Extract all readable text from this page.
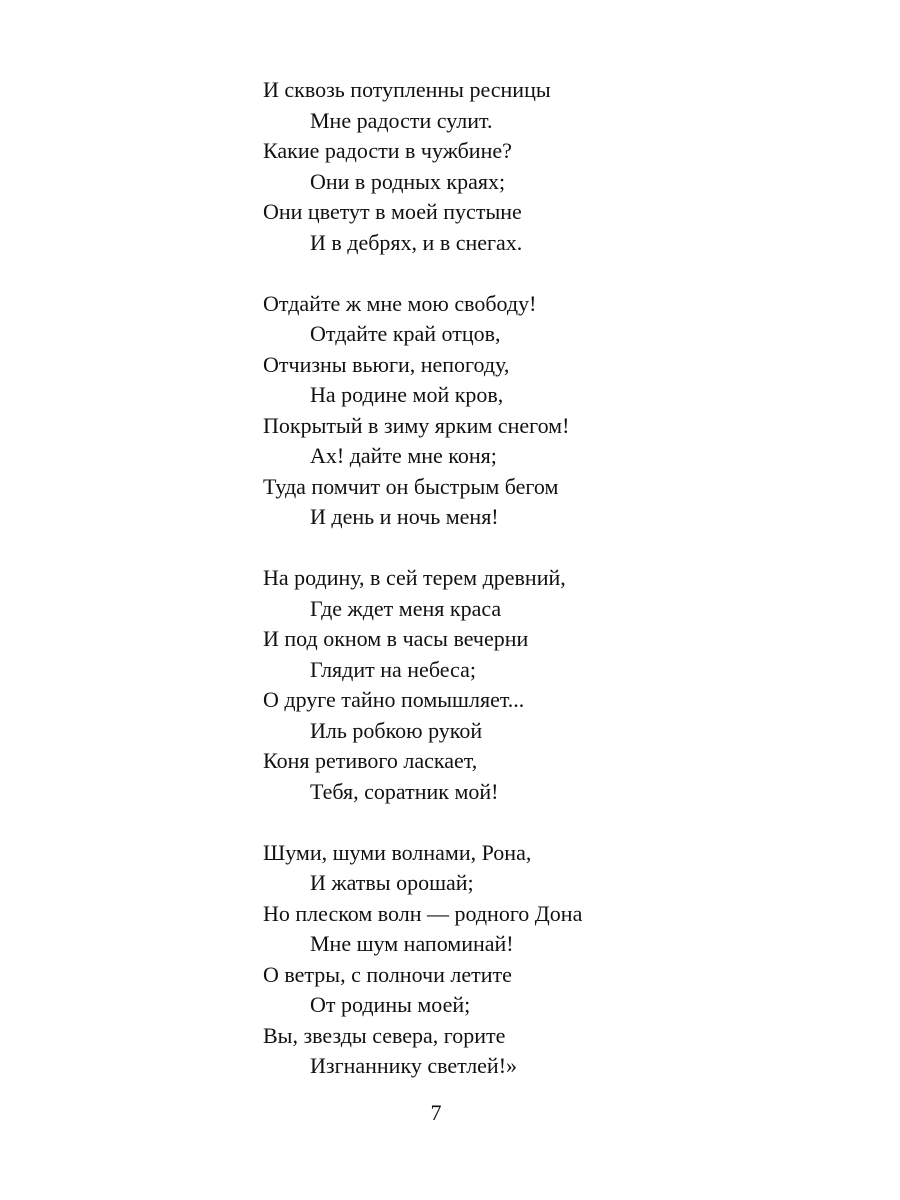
И сквозь потупленны ресницы
Мне радости сулит.
Какие радости в чужбине?
Они в родных краях;
Они цветут в моей пустыне
И в дебрях, и в снегах.
Отдайте ж мне мою свободу!
Отдайте край отцов,
Отчизны вьюги, непогоду,
На родине мой кров,
Покрытый в зиму ярким снегом!
Ах! дайте мне коня;
Туда помчит он быстрым бегом
И день и ночь меня!
На родину, в сей терем древний,
Где ждет меня краса
И под окном в часы вечерни
Глядит на небеса;
О друге тайно помышляет...
Иль робкою рукой
Коня ретивого ласкает,
Тебя, соратник мой!
Шуми, шуми волнами, Рона,
И жатвы орошай;
Но плеском волн — родного Дона
Мне шум напоминай!
О ветры, с полночи летите
От родины моей;
Вы, звезды севера, горите
Изгнаннику светлей!»
7
